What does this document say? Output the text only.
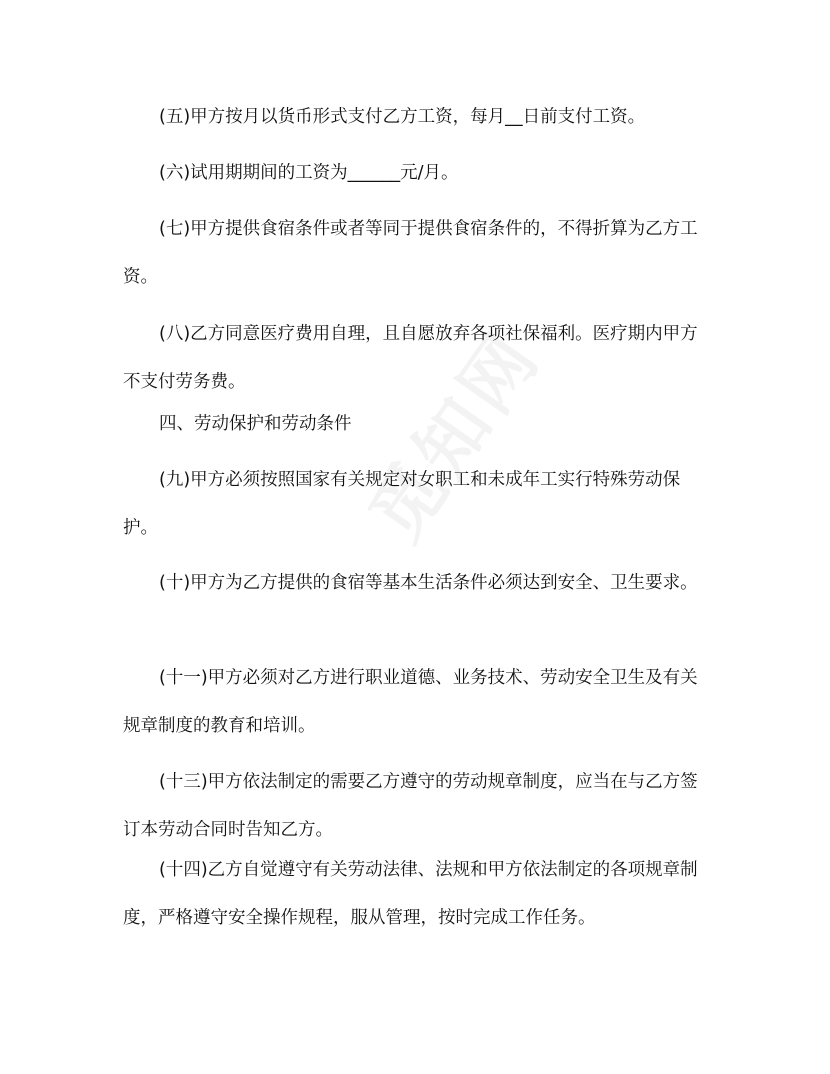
(五)甲方按月以货币形式支付乙方工资，每月__日前支付工资。

(六)试用期期间的工资为______元/月。

(七)甲方提供食宿条件或者等同于提供食宿条件的，不得折算为乙方工资。

(八)乙方同意医疗费用自理，且自愿放弃各项社保福利。医疗期内甲方不支付劳务费。

四、劳动保护和劳动条件

(九)甲方必须按照国家有关规定对女职工和未成年工实行特殊劳动保护。

(十)甲方为乙方提供的食宿等基本生活条件必须达到安全、卫生要求。

(十一)甲方必须对乙方进行职业道德、业务技术、劳动安全卫生及有关规章制度的教育和培训。

(十三)甲方依法制定的需要乙方遵守的劳动规章制度，应当在与乙方签订本劳动合同时告知乙方。

(十四)乙方自觉遵守有关劳动法律、法规和甲方依法制定的各项规章制度，严格遵守安全操作规程，服从管理，按时完成工作任务。
